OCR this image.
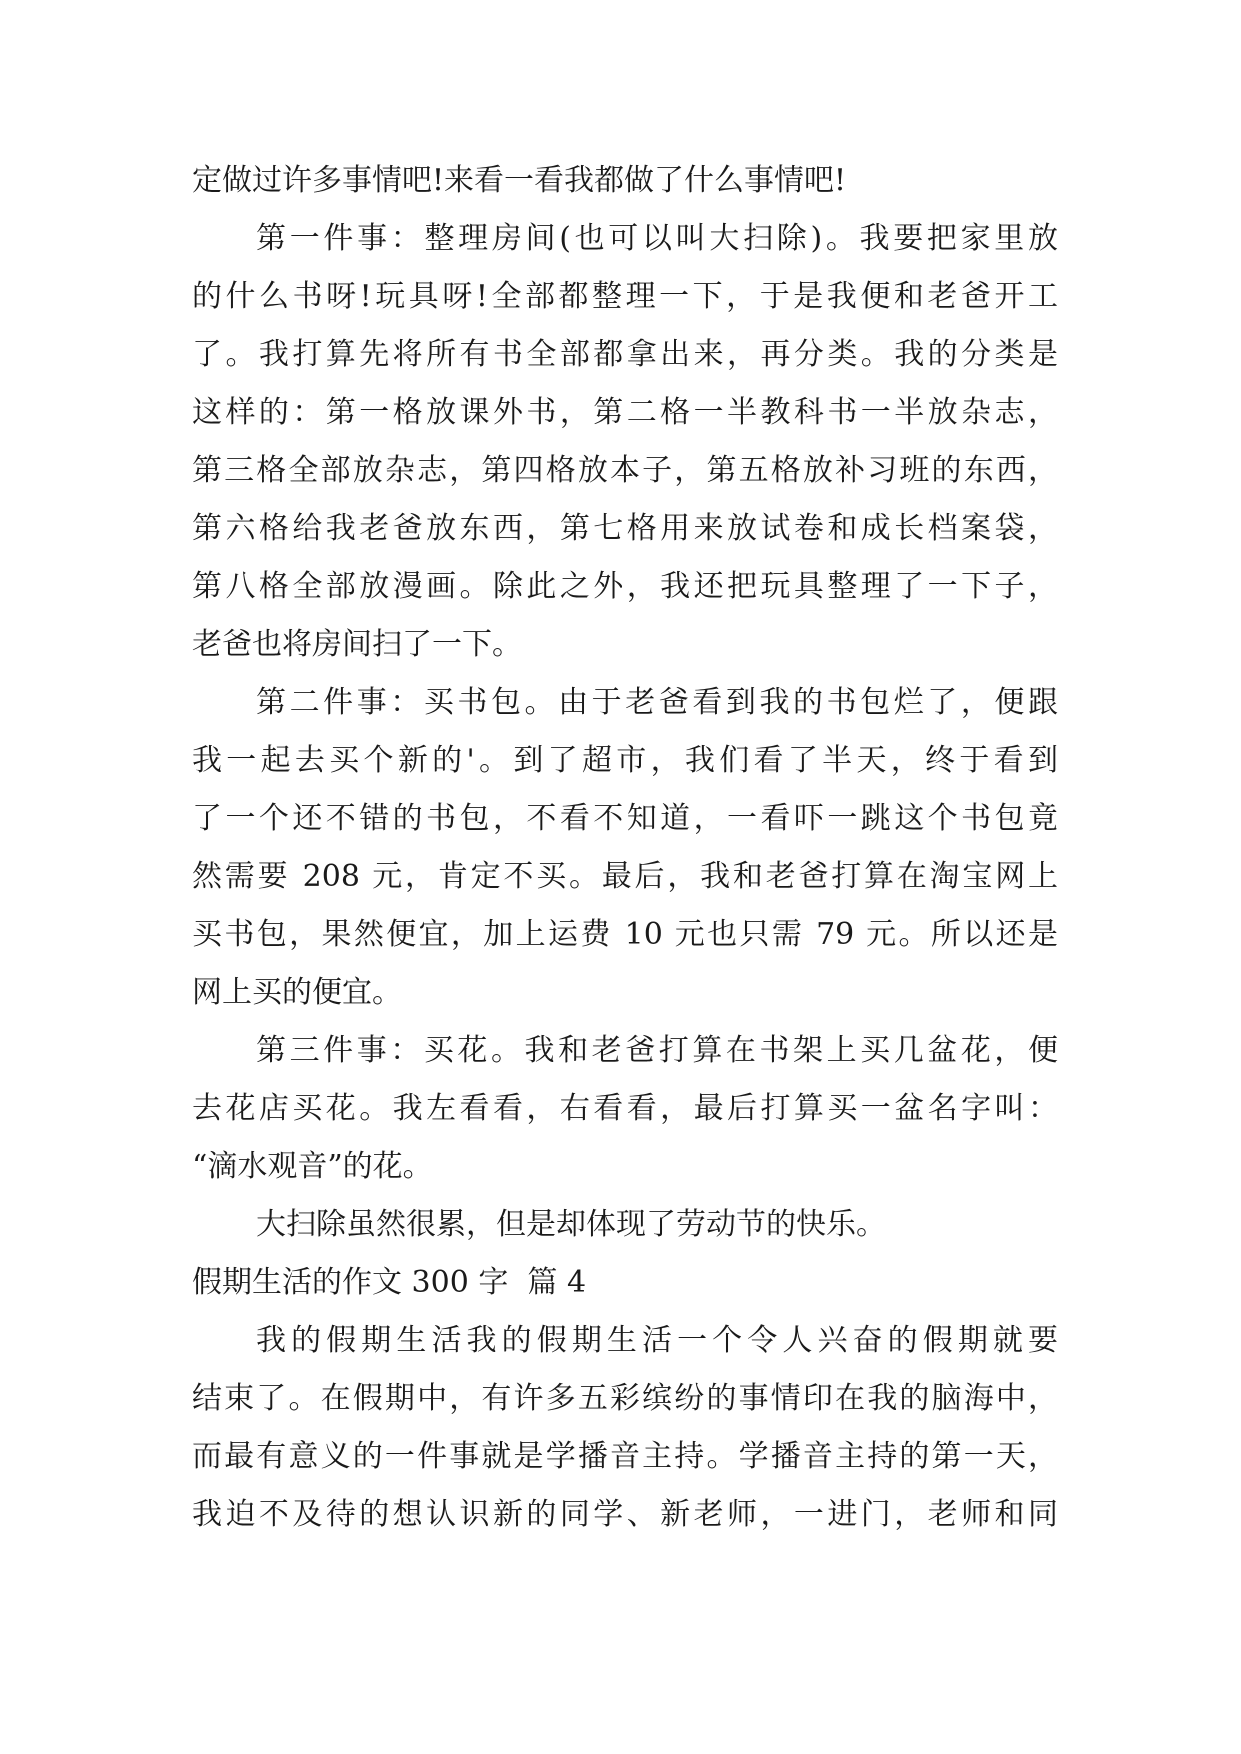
定做过许多事情吧!来看一看我都做了什么事情吧!
第一件事：整理房间(也可以叫大扫除)。我要把家里放
的什么书呀!玩具呀!全部都整理一下，于是我便和老爸开工
了。我打算先将所有书全部都拿出来，再分类。我的分类是
这样的：第一格放课外书，第二格一半教科书一半放杂志，
第三格全部放杂志，第四格放本子，第五格放补习班的东西，
第六格给我老爸放东西，第七格用来放试卷和成长档案袋，
第八格全部放漫画。除此之外，我还把玩具整理了一下子，
老爸也将房间扫了一下。
第二件事：买书包。由于老爸看到我的书包烂了，便跟
我一起去买个新的'。到了超市，我们看了半天，终于看到
了一个还不错的书包，不看不知道，一看吓一跳这个书包竟
然需要 208 元，肯定不买。最后，我和老爸打算在淘宝网上
买书包，果然便宜，加上运费 10 元也只需 79 元。所以还是
网上买的便宜。
第三件事：买花。我和老爸打算在书架上买几盆花，便
去花店买花。我左看看，右看看，最后打算买一盆名字叫：
“滴水观音”的花。
大扫除虽然很累，但是却体现了劳动节的快乐。
假期生活的作文 300 字  篇 4
我的假期生活我的假期生活一个令人兴奋的假期就要
结束了。在假期中，有许多五彩缤纷的事情印在我的脑海中，
而最有意义的一件事就是学播音主持。学播音主持的第一天，
我迫不及待的想认识新的同学、新老师，一进门，老师和同
